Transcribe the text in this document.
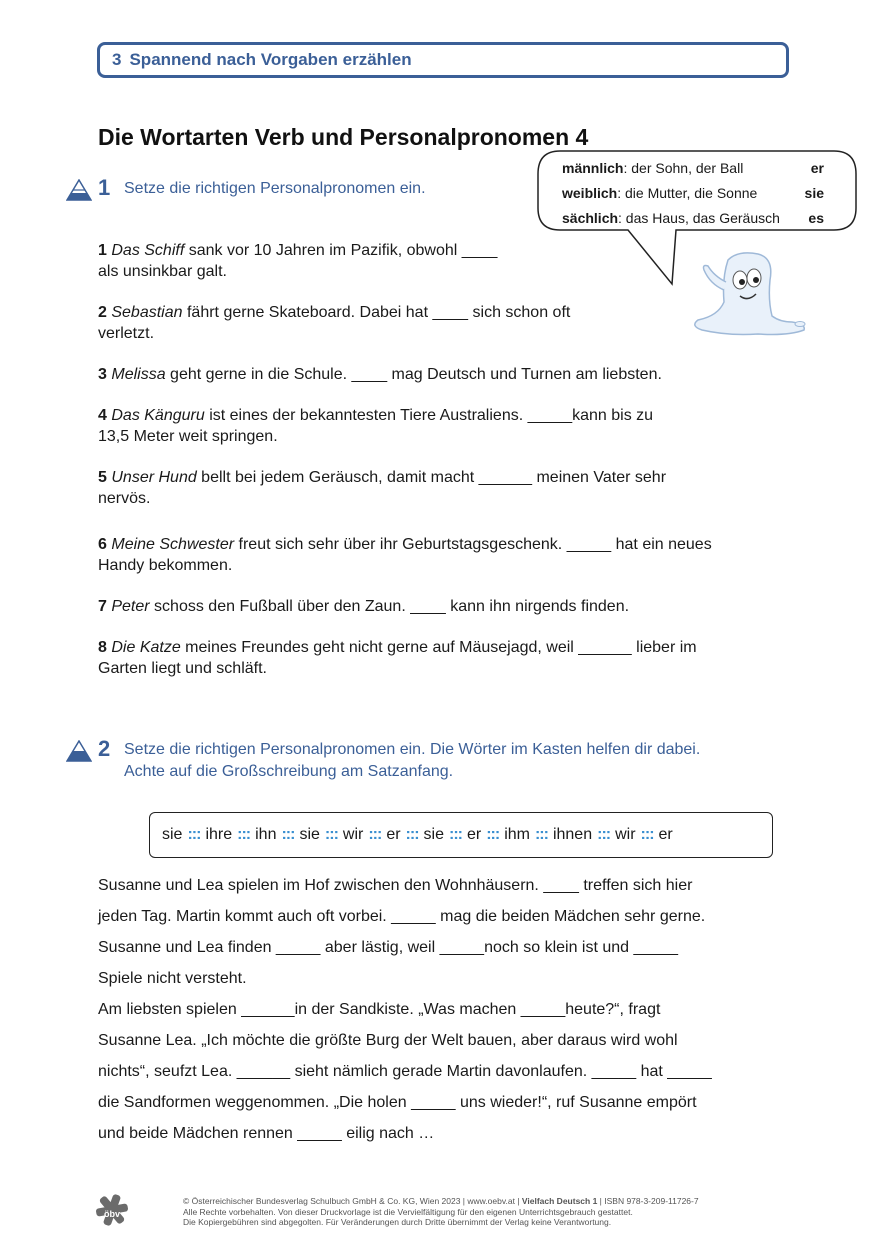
3 Spannend nach Vorgaben erzählen
Die Wortarten Verb und Personalpronomen 4
männlich: der Sohn, der Ball	er
weiblich: die Mutter, die Sonne	sie
sächlich: das Haus, das Geräusch es
1 Setze die richtigen Personalpronomen ein.
1 Das Schiff sank vor 10 Jahren im Pazifik, obwohl ____
als unsinkbar galt.
2 Sebastian fährt gerne Skateboard. Dabei hat ____ sich schon oft
verletzt.
3 Melissa geht gerne in die Schule. ____ mag Deutsch und Turnen am liebsten.
4 Das Känguru ist eines der bekanntesten Tiere Australiens. _____kann bis zu
13,5 Meter weit springen.
5 Unser Hund bellt bei jedem Geräusch, damit macht ______ meinen Vater sehr
nervös.
6 Meine Schwester freut sich sehr über ihr Geburtstagsgeschenk. _____ hat ein neues
Handy bekommen.
7 Peter schoss den Fußball über den Zaun. ____ kann ihn nirgends finden.
8 Die Katze meines Freundes geht nicht gerne auf Mäusejagd, weil ______ lieber im
Garten liegt und schläft.
2 Setze die richtigen Personalpronomen ein. Die Wörter im Kasten helfen dir dabei.
Achte auf die Großschreibung am Satzanfang.
sie ::: ihre ::: ihn ::: sie ::: wir ::: er ::: sie ::: er ::: ihm ::: ihnen ::: wir ::: er
Susanne und Lea spielen im Hof zwischen den Wohnhäusern. ____ treffen sich hier
jeden Tag. Martin kommt auch oft vorbei. _____ mag die beiden Mädchen sehr gerne.
Susanne und Lea finden _____ aber lästig, weil _____noch so klein ist und _____
Spiele nicht versteht.
Am liebsten spielen ______in der Sandkiste. „Was machen _____heute?“, fragt
Susanne Lea. „Ich möchte die größte Burg der Welt bauen, aber daraus wird wohl
nichts“, seufzt Lea. ______ sieht nämlich gerade Martin davonlaufen. _____ hat _____
die Sandformen weggenommen. „Die holen _____ uns wieder!“, ruf Susanne empört
und beide Mädchen rennen _____ eilig nach …
öbv
© Österreichischer Bundesverlag Schulbuch GmbH & Co. KG, Wien 2023 | www.oebv.at | Vielfach Deutsch 1 | ISBN 978-3-209-11726-7
Alle Rechte vorbehalten. Von dieser Druckvorlage ist die Vervielfältigung für den eigenen Unterrichtsgebrauch gestattet.
Die Kopiergebühren sind abgegolten. Für Veränderungen durch Dritte übernimmt der Verlag keine Verantwortung.
